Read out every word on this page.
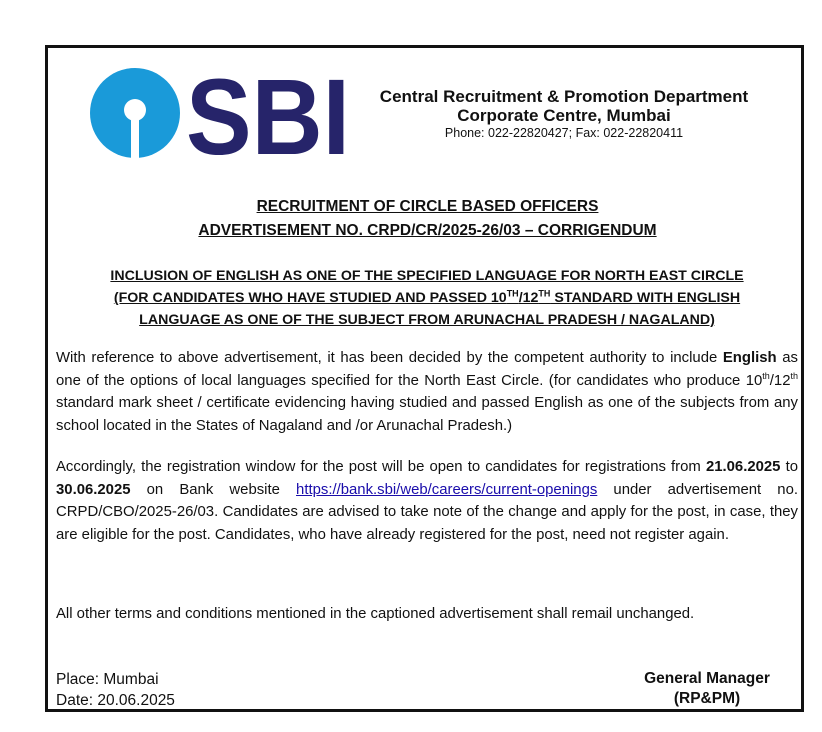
SBI	Central Recruitment & Promotion Department
Corporate Centre, Mumbai
Phone: 022-22820427; Fax: 022-22820411
RECRUITMENT OF CIRCLE BASED OFFICERS
ADVERTISEMENT NO. CRPD/CR/2025-26/03 – CORRIGENDUM
INCLUSION OF ENGLISH AS ONE OF THE SPECIFIED LANGUAGE FOR NORTH EAST CIRCLE
(FOR CANDIDATES WHO HAVE STUDIED AND PASSED 10TH/12TH STANDARD WITH ENGLISH
LANGUAGE AS ONE OF THE SUBJECT FROM ARUNACHAL PRADESH / NAGALAND)
With reference to above advertisement, it has been decided by the competent authority to include English as one of the options of local languages specified for the North East Circle. (for candidates who produce 10th/12th standard mark sheet / certificate evidencing having studied and passed English as one of the subjects from any school located in the States of Nagaland and /or Arunachal Pradesh.)
Accordingly, the registration window for the post will be open to candidates for registrations from 21.06.2025 to 30.06.2025 on Bank website https://bank.sbi/web/careers/current-openings under advertisement no. CRPD/CBO/2025-26/03. Candidates are advised to take note of the change and apply for the post, in case, they are eligible for the post. Candidates, who have already registered for the post, need not register again.
All other terms and conditions mentioned in the captioned advertisement shall remail unchanged.
Place: Mumbai
Date: 20.06.2025
General Manager
(RP&PM)
